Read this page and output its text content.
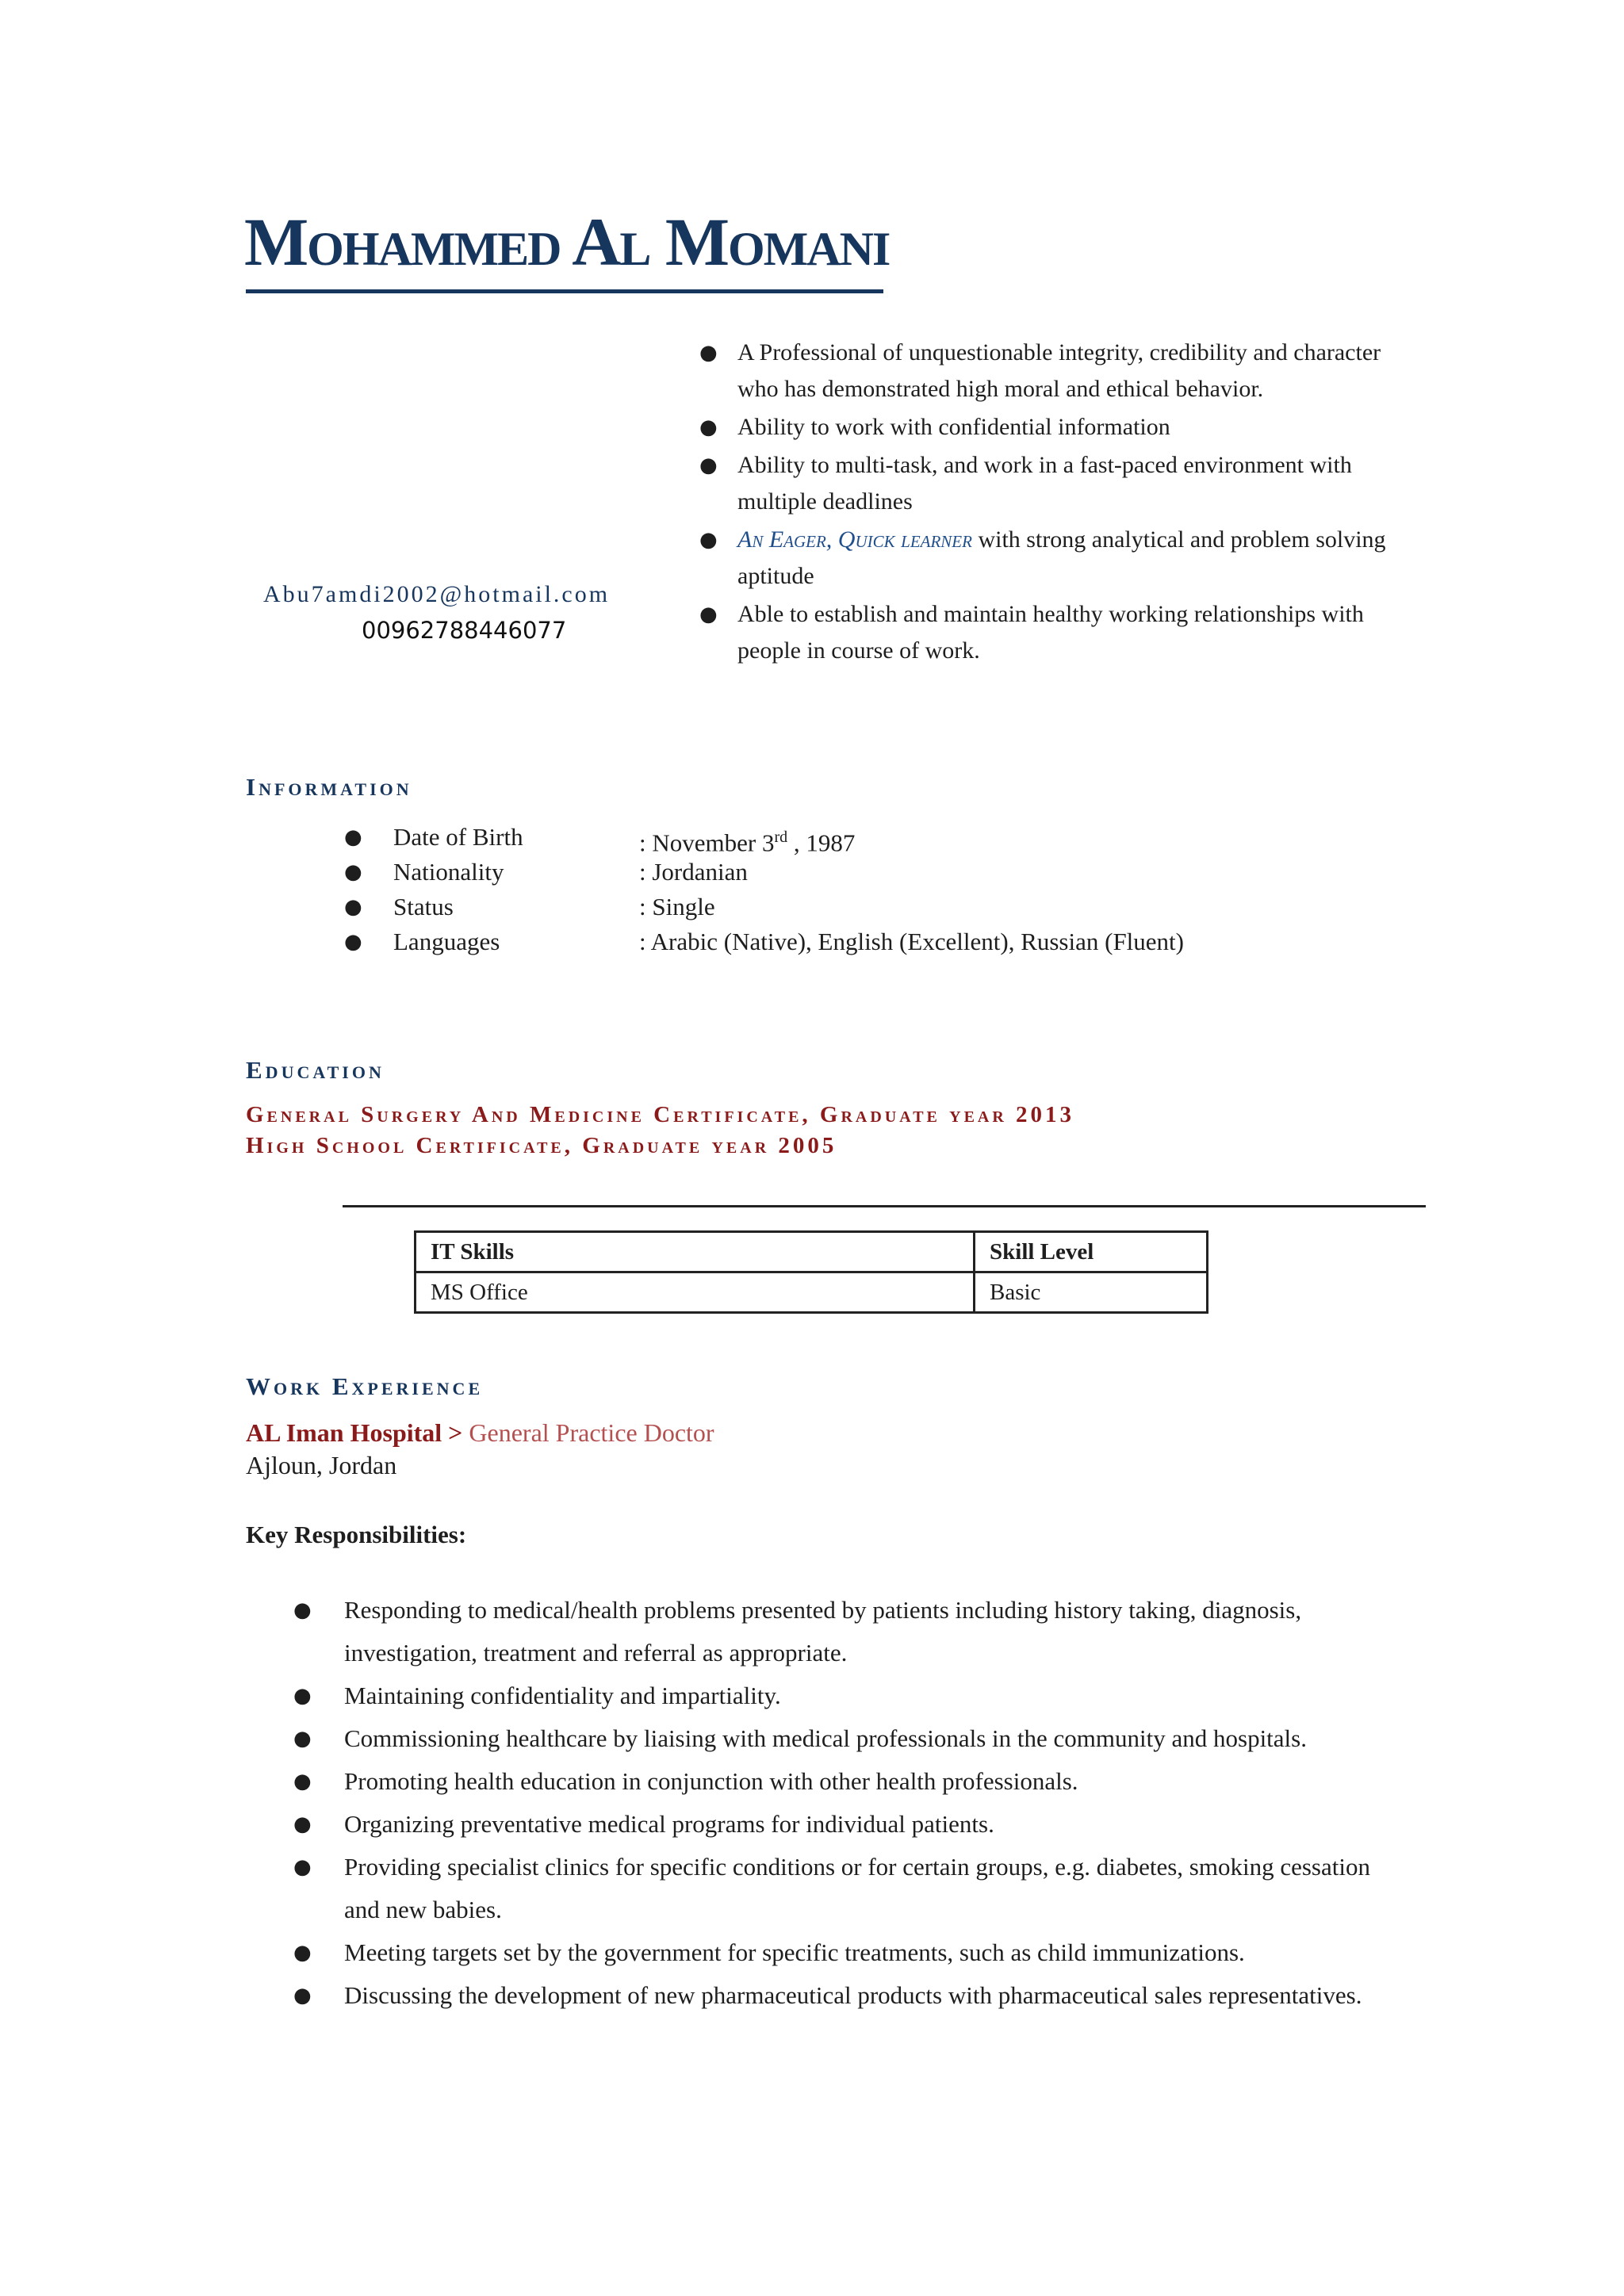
Mohammed Al Momani
Abu7amdi2002@hotmail.com
00962788446077
● A Professional of unquestionable integrity, credibility and character who has demonstrated high moral and ethical behavior.
● Ability to work with confidential information
● Ability to multi-task, and work in a fast-paced environment with multiple deadlines
● An Eager, Quick learner with strong analytical and problem solving aptitude
● Able to establish and maintain healthy working relationships with people in course of work.
Information
● Date of Birth	: November 3rd , 1987
● Nationality	: Jordanian
● Status	: Single
● Languages	: Arabic (Native), English (Excellent), Russian (Fluent)
Education
General Surgery And Medicine Certificate, Graduate year 2013
High School Certificate, Graduate year 2005
IT Skills	Skill Level
MS Office	Basic
Work Experience
AL Iman Hospital > General Practice Doctor
Ajloun, Jordan
Key Responsibilities:
● Responding to medical/health problems presented by patients including history taking, diagnosis, investigation, treatment and referral as appropriate.
● Maintaining confidentiality and impartiality.
● Commissioning healthcare by liaising with medical professionals in the community and hospitals.
● Promoting health education in conjunction with other health professionals.
● Organizing preventative medical programs for individual patients.
● Providing specialist clinics for specific conditions or for certain groups, e.g. diabetes, smoking cessation and new babies.
● Meeting targets set by the government for specific treatments, such as child immunizations.
● Discussing the development of new pharmaceutical products with pharmaceutical sales representatives.
